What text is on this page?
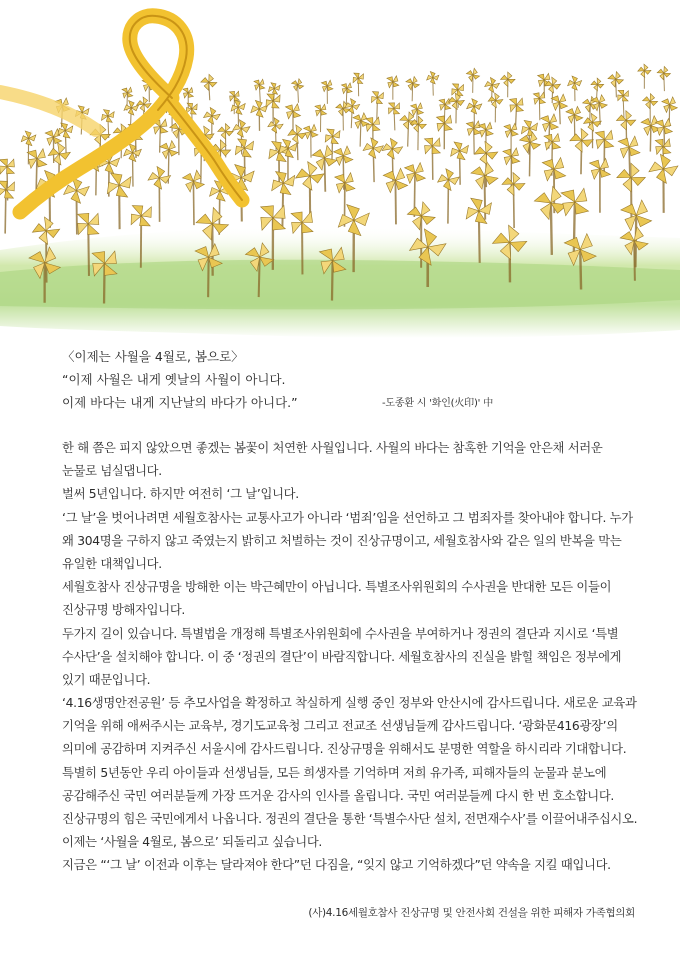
〈이제는 사월을 4월로, 봄으로〉
“이제 사월은 내게 옛날의 사월이 아니다.
이제 바다는 내게 지난날의 바다가 아니다.”	-도종환 시 '화인(火印)' 中
한 해 쯤은 피지 않았으면 좋겠는 봄꽃이 처연한 사월입니다. 사월의 바다는 참혹한 기억을 안은채 서러운
눈물로 넘실댑니다.
벌써 5년입니다. 하지만 여전히 ‘그 날’입니다.
‘그 날’을 벗어나려면 세월호참사는 교통사고가 아니라 ‘범죄’임을 선언하고 그 범죄자를 찾아내야 합니다. 누가
왜 304명을 구하지 않고 죽였는지 밝히고 처벌하는 것이 진상규명이고, 세월호참사와 같은 일의 반복을 막는
유일한 대책입니다.
세월호참사 진상규명을 방해한 이는 박근혜만이 아닙니다. 특별조사위원회의 수사권을 반대한 모든 이들이
진상규명 방해자입니다.
두가지 길이 있습니다. 특별법을 개정해 특별조사위원회에 수사권을 부여하거나 정권의 결단과 지시로 ‘특별
수사단’을 설치해야 합니다. 이 중 ‘정권의 결단’이 바람직합니다. 세월호참사의 진실을 밝힐 책임은 정부에게
있기 때문입니다.
‘4.16생명안전공원’ 등 추모사업을 확정하고 착실하게 실행 중인 정부와 안산시에 감사드립니다. 새로운 교육과
기억을 위해 애써주시는 교육부, 경기도교육청 그리고 전교조 선생님들께 감사드립니다. ‘광화문416광장’의
의미에 공감하며 지켜주신 서울시에 감사드립니다. 진상규명을 위해서도 분명한 역할을 하시리라 기대합니다.
특별히 5년동안 우리 아이들과 선생님들, 모든 희생자를 기억하며 저희 유가족, 피해자들의 눈물과 분노에
공감해주신 국민 여러분들께 가장 뜨거운 감사의 인사를 올립니다. 국민 여러분들께 다시 한 번 호소합니다.
진상규명의 힘은 국민에게서 나옵니다. 정권의 결단을 통한 ‘특별수사단 설치, 전면재수사’를 이끌어내주십시오.
이제는 ‘사월을 4월로, 봄으로’ 되돌리고 싶습니다.
지금은 “‘그 날’ 이전과 이후는 달라져야 한다”던 다짐을, “잊지 않고 기억하겠다”던 약속을 지킬 때입니다.
(사)4.16세월호참사 진상규명 및 안전사회 건설을 위한 피해자 가족협의회
